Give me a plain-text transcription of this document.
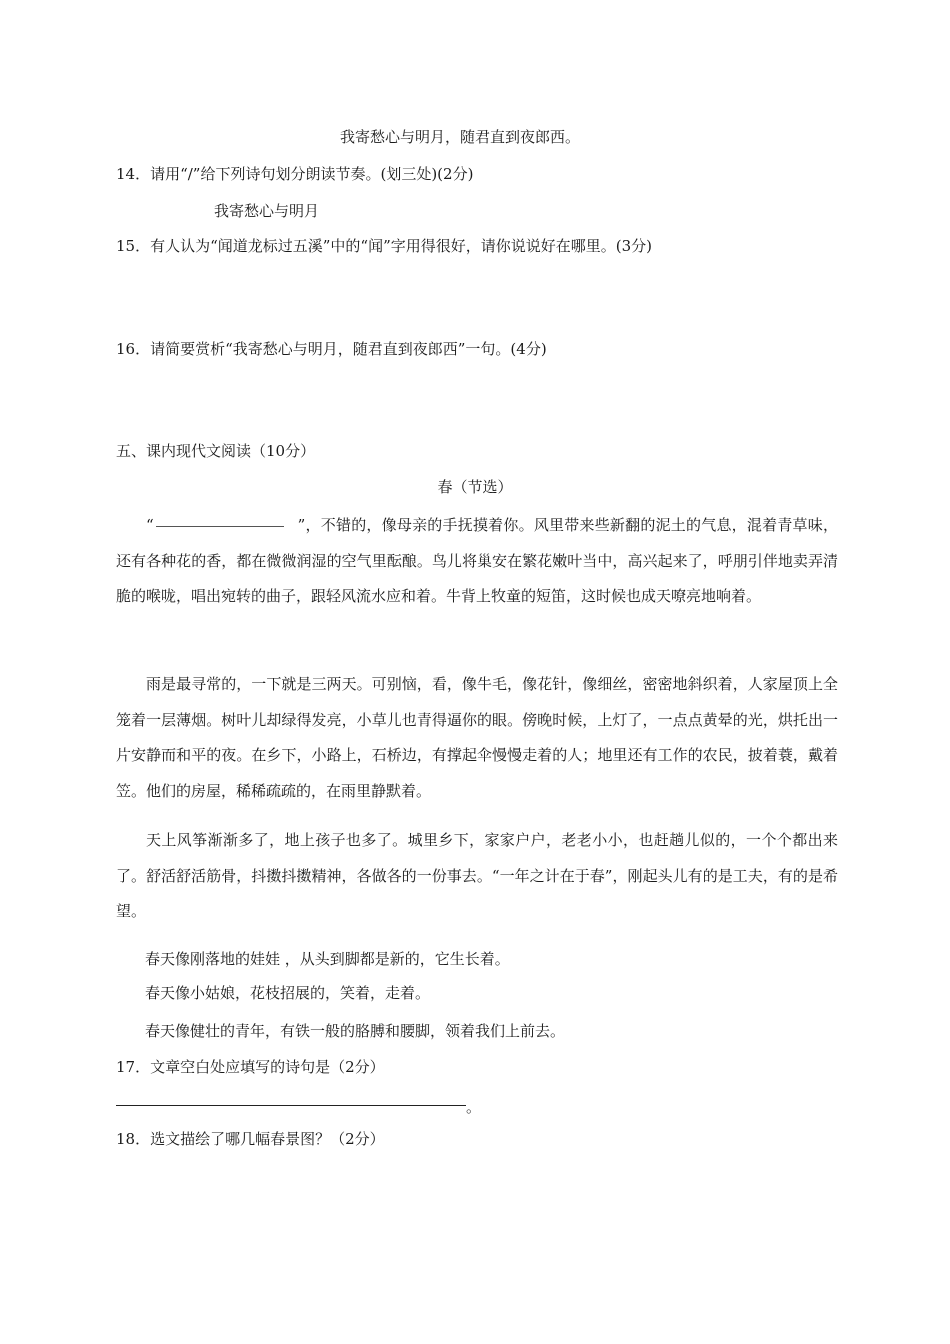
我寄愁心与明月，随君直到夜郎西。
14．请用“/”给下列诗句划分朗读节奏。(划三处)(2分)
我寄愁心与明月
15．有人认为“闻道龙标过五溪”中的“闻”字用得很好，请你说说好在哪里。(3分)
16．请简要赏析“我寄愁心与明月，随君直到夜郎西”一句。(4分)
五、课内现代文阅读（10分）
春（节选）

“	”，不错的，像母亲的手抚摸着你。风里带来些新翻的泥土的气息，混着青草味，还有各种花的香，都在微微润湿的空气里酝酿。鸟儿将巢安在繁花嫩叶当中，高兴起来了，呼朋引伴地卖弄清脆的喉咙，唱出宛转的曲子，跟轻风流水应和着。牛背上牧童的短笛，这时候也成天嘹亮地响着。

雨是最寻常的，一下就是三两天。可别恼，看，像牛毛，像花针，像细丝，密密地斜织着，人家屋顶上全笼着一层薄烟。树叶儿却绿得发亮，小草儿也青得逼你的眼。傍晚时候，上灯了，一点点黄晕的光，烘托出一片安静而和平的夜。在乡下，小路上，石桥边，有撑起伞慢慢走着的人；地里还有工作的农民，披着蓑，戴着笠。他们的房屋，稀稀疏疏的，在雨里静默着。

天上风筝渐渐多了，地上孩子也多了。城里乡下，家家户户，老老小小，也赶趟儿似的，一个个都出来了。舒活舒活筋骨，抖擞抖擞精神，各做各的一份事去。“一年之计在于春”，刚起头儿有的是工夫，有的是希望。

春天像刚落地的娃娃 ，从头到脚都是新的，它生长着。
春天像小姑娘，花枝招展的，笑着，走着。
春天像健壮的青年，有铁一般的胳膊和腰脚，领着我们上前去。
17．文章空白处应填写的诗句是（2分）
。
18．选文描绘了哪几幅春景图？（2分）
